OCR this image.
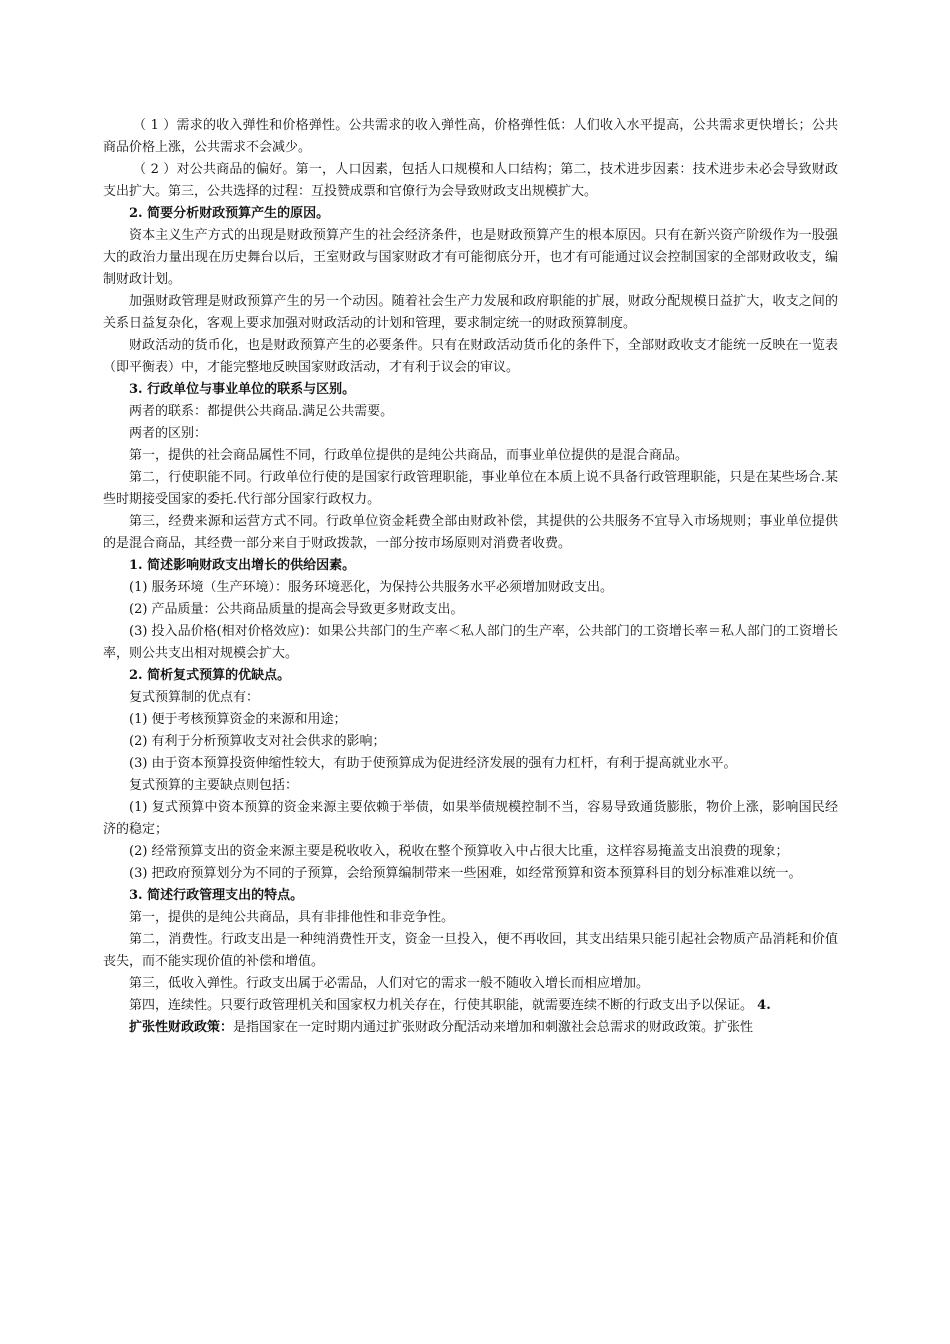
（ 1 ）需求的收入弹性和价格弹性。公共需求的收入弹性高，价格弹性低：人们收入水平提高，公共需求更快增长；公共商品价格上涨，公共需求不会减少。

（ 2 ）对公共商品的偏好。第一，人口因素，包括人口规模和人口结构；第二，技术进步因素：技术进步未必会导致财政支出扩大。第三，公共选择的过程：互投赞成票和官僚行为会导致财政支出规模扩大。

2. 简要分析财政预算产生的原因。

资本主义生产方式的出现是财政预算产生的社会经济条件，也是财政预算产生的根本原因。只有在新兴资产阶级作为一股强大的政治力量出现在历史舞台以后，王室财政与国家财政才有可能彻底分开，也才有可能通过议会控制国家的全部财政收支，编制财政计划。

加强财政管理是财政预算产生的另一个动因。随着社会生产力发展和政府职能的扩展，财政分配规模日益扩大，收支之间的关系日益复杂化，客观上要求加强对财政活动的计划和管理，要求制定统一的财政预算制度。

财政活动的货币化，也是财政预算产生的必要条件。只有在财政活动货币化的条件下，全部财政收支才能统一反映在一览表（即平衡表）中，才能完整地反映国家财政活动，才有利于议会的审议。

3. 行政单位与事业单位的联系与区别。

两者的联系：都提供公共商品.满足公共需要。

两者的区别：

第一，提供的社会商品属性不同，行政单位提供的是纯公共商品，而事业单位提供的是混合商品。

第二，行使职能不同。行政单位行使的是国家行政管理职能，事业单位在本质上说不具备行政管理职能，只是在某些场合.某些时期接受国家的委托.代行部分国家行政权力。

第三，经费来源和运营方式不同。行政单位资金耗费全部由财政补偿，其提供的公共服务不宜导入市场规则；事业单位提供的是混合商品，其经费一部分来自于财政拨款，一部分按市场原则对消费者收费。

1. 简述影响财政支出增长的供给因素。

(1) 服务环境（生产环境）：服务环境恶化，为保持公共服务水平必须增加财政支出。

(2) 产品质量：公共商品质量的提高会导致更多财政支出。

(3) 投入品价格(相对价格效应)：如果公共部门的生产率＜私人部门的生产率，公共部门的工资增长率＝私人部门的工资增长率，则公共支出相对规模会扩大。

2. 简析复式预算的优缺点。

复式预算制的优点有：

(1) 便于考核预算资金的来源和用途；

(2) 有利于分析预算收支对社会供求的影响；

(3) 由于资本预算投资伸缩性较大，有助于使预算成为促进经济发展的强有力杠杆，有利于提高就业水平。

复式预算的主要缺点则包括：

(1) 复式预算中资本预算的资金来源主要依赖于举债，如果举债规模控制不当，容易导致通货膨胀，物价上涨，影响国民经济的稳定；

(2) 经常预算支出的资金来源主要是税收收入，税收在整个预算收入中占很大比重，这样容易掩盖支出浪费的现象；

(3) 把政府预算划分为不同的子预算，会给预算编制带来一些困难，如经常预算和资本预算科目的划分标准难以统一。

3. 简述行政管理支出的特点。

第一，提供的是纯公共商品，具有非排他性和非竞争性。

第二，消费性。行政支出是一种纯消费性开支，资金一旦投入，便不再收回，其支出结果只能引起社会物质产品消耗和价值丧失，而不能实现价值的补偿和增值。

第三，低收入弹性。行政支出属于必需品，人们对它的需求一般不随收入增长而相应增加。

第四，连续性。只要行政管理机关和国家权力机关存在，行使其职能，就需要连续不断的行政支出予以保证。 4.

扩张性财政政策：是指国家在一定时期内通过扩张财政分配活动来增加和刺激社会总需求的财政政策。扩张性
